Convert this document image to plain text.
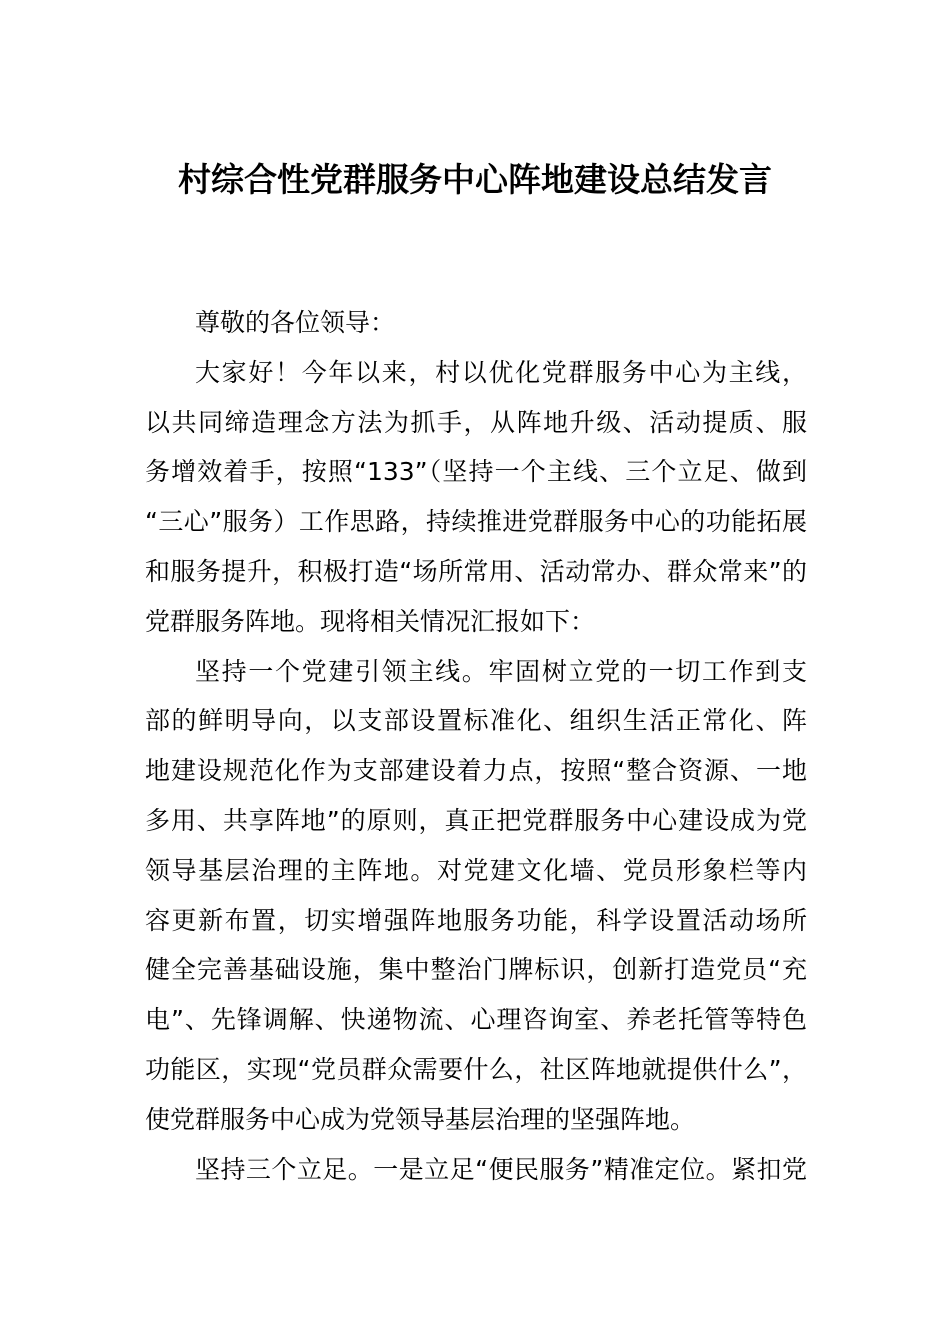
村综合性党群服务中心阵地建设总结发言
尊敬的各位领导：
大家好！今年以来，村以优化党群服务中心为主线，
以共同缔造理念方法为抓手，从阵地升级、活动提质、服
务增效着手，按照“133”（坚持一个主线、三个立足、做到
“三心”服务）工作思路，持续推进党群服务中心的功能拓展
和服务提升，积极打造“场所常用、活动常办、群众常来”的
党群服务阵地。现将相关情况汇报如下：
坚持一个党建引领主线。牢固树立党的一切工作到支
部的鲜明导向，以支部设置标准化、组织生活正常化、阵
地建设规范化作为支部建设着力点，按照“整合资源、一地
多用、共享阵地”的原则，真正把党群服务中心建设成为党
领导基层治理的主阵地。对党建文化墙、党员形象栏等内
容更新布置，切实增强阵地服务功能，科学设置活动场所
健全完善基础设施，集中整治门牌标识，创新打造党员“充
电”、先锋调解、快递物流、心理咨询室、养老托管等特色
功能区，实现“党员群众需要什么，社区阵地就提供什么”，
使党群服务中心成为党领导基层治理的坚强阵地。
坚持三个立足。一是立足“便民服务”精准定位。紧扣党
